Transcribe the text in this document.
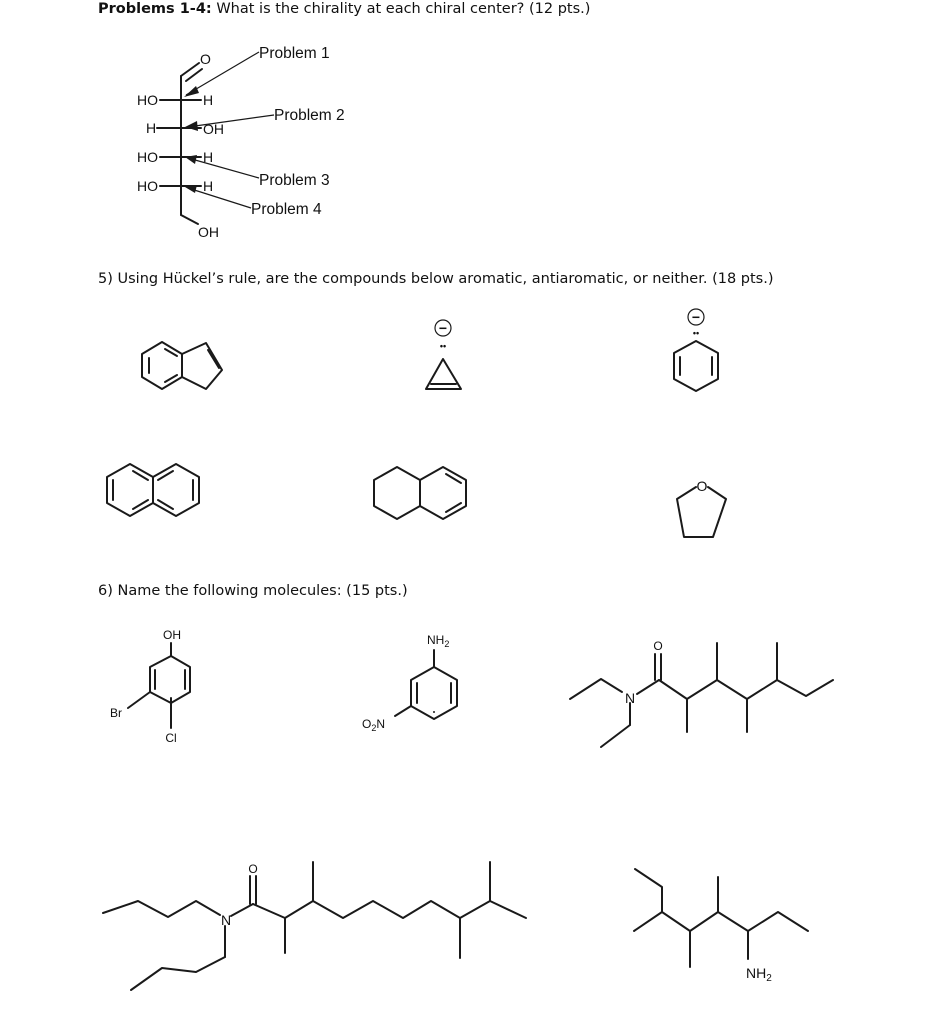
Problems 1-4: What is the chirality at each chiral center? (12 pts.)
5) Using Hückel’s rule, are the compounds below aromatic, antiaromatic, or neither. (18 pts.)
6) Name the following molecules: (15 pts.)
O
OH
HO	H
H	OH
HO	H
HO	H
Problem 1
Problem 2
Problem 3
Problem 4
−
••
−
••
O
OH
Br
Cl
$NH_2$
$O_2N$
N
O
N
O
$NH_2$
